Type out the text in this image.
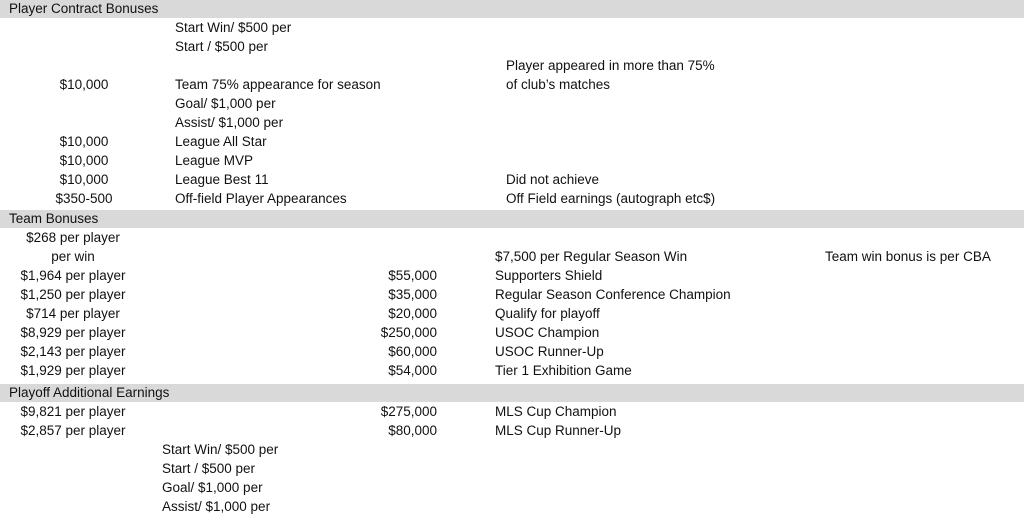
Player Contract Bonuses
Team Bonuses
Playoff Additional Earnings
Start Win/ $500 per
Start / $500 per
Player appeared in more than 75%
$10,000	Team 75% appearance for season	of club’s matches
Goal/ $1,000 per
Assist/ $1,000 per
$10,000	League All Star
$10,000	League MVP
$10,000	League Best 11	Did not achieve
$350-500	Off-field Player Appearances	Off Field earnings (autograph etc$)
$268 per player
per win	$7,500 per Regular Season Win	Team win bonus is per CBA
$1,964 per player	$55,000	Supporters Shield
$1,250 per player	$35,000	Regular Season Conference Champion
$714 per player	$20,000	Qualify for playoff
$8,929 per player	$250,000	USOC Champion
$2,143 per player	$60,000	USOC Runner-Up
$1,929 per player	$54,000	Tier 1 Exhibition Game
$9,821 per player	$275,000	MLS Cup Champion
$2,857 per player	$80,000	MLS Cup Runner-Up
Start Win/ $500 per
Start / $500 per
Goal/ $1,000 per
Assist/ $1,000 per
